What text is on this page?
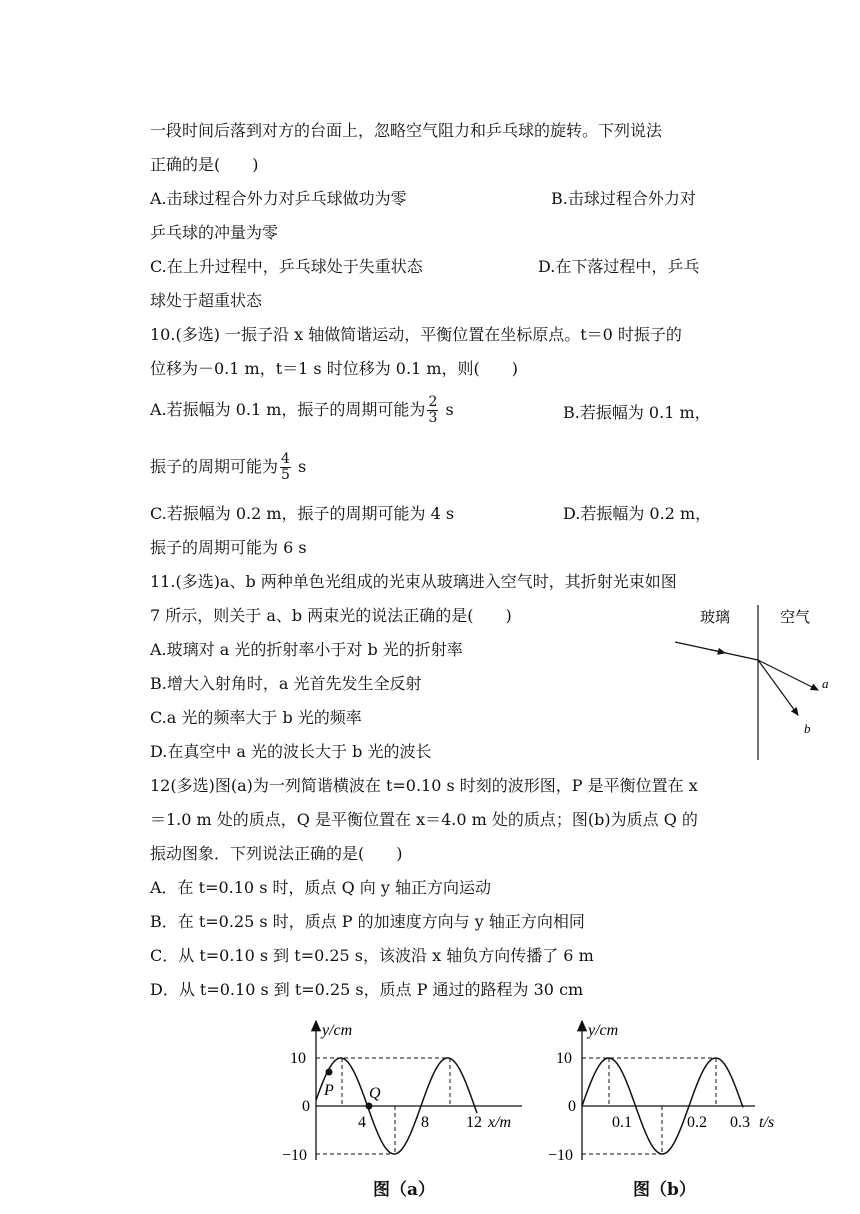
一段时间后落到对方的台面上，忽略空气阻力和乒乓球的旋转。下列说法
正确的是(　　)
A.击球过程合外力对乒乓球做功为零	B.击球过程合外力对
乒乓球的冲量为零
C.在上升过程中，乒乓球处于失重状态	D.在下落过程中，乒乓
球处于超重状态
10.(多选) 一振子沿 x 轴做简谐运动，平衡位置在坐标原点。t＝0 时振子的
位移为－0.1 m，t＝1 s 时位移为 0.1 m，则(　　)
A.若振幅为 0.1 m，振子的周期可能为 $\frac{2}{3}$ s	B.若振幅为 0.1 m，
振子的周期可能为 $\frac{4}{5}$ s
C.若振幅为 0.2 m，振子的周期可能为 4 s	D.若振幅为 0.2 m，
振子的周期可能为 6 s
11.(多选)a、b 两种单色光组成的光束从玻璃进入空气时，其折射光束如图
7 所示，则关于 a、b 两束光的说法正确的是(　　)
A.玻璃对 a 光的折射率小于对 b 光的折射率
B.增大入射角时，a 光首先发生全反射
C.a 光的频率大于 b 光的频率
D.在真空中 a 光的波长大于 b 光的波长
玻璃	空气
a
b
12(多选)图(a)为一列简谐横波在 t=0.10 s 时刻的波形图，P 是平衡位置在 x
＝1.0 m 处的质点，Q 是平衡位置在 x＝4.0 m 处的质点；图(b)为质点 Q 的
振动图象．下列说法正确的是(　　)
A．在 t=0.10 s 时，质点 Q 向 y 轴正方向运动
B．在 t=0.25 s 时，质点 P 的加速度方向与 y 轴正方向相同
C．从 t=0.10 s 到 t=0.25 s，该波沿 x 轴负方向传播了 6 m
D．从 t=0.10 s 到 t=0.25 s，质点 P 通过的路程为 30 cm
P Q
y/cm
10
0
−10
4	8 12 x/m
图（a）
y/cm
10
0
−10
0.1	0.2 0.3 t/s
图（b）
